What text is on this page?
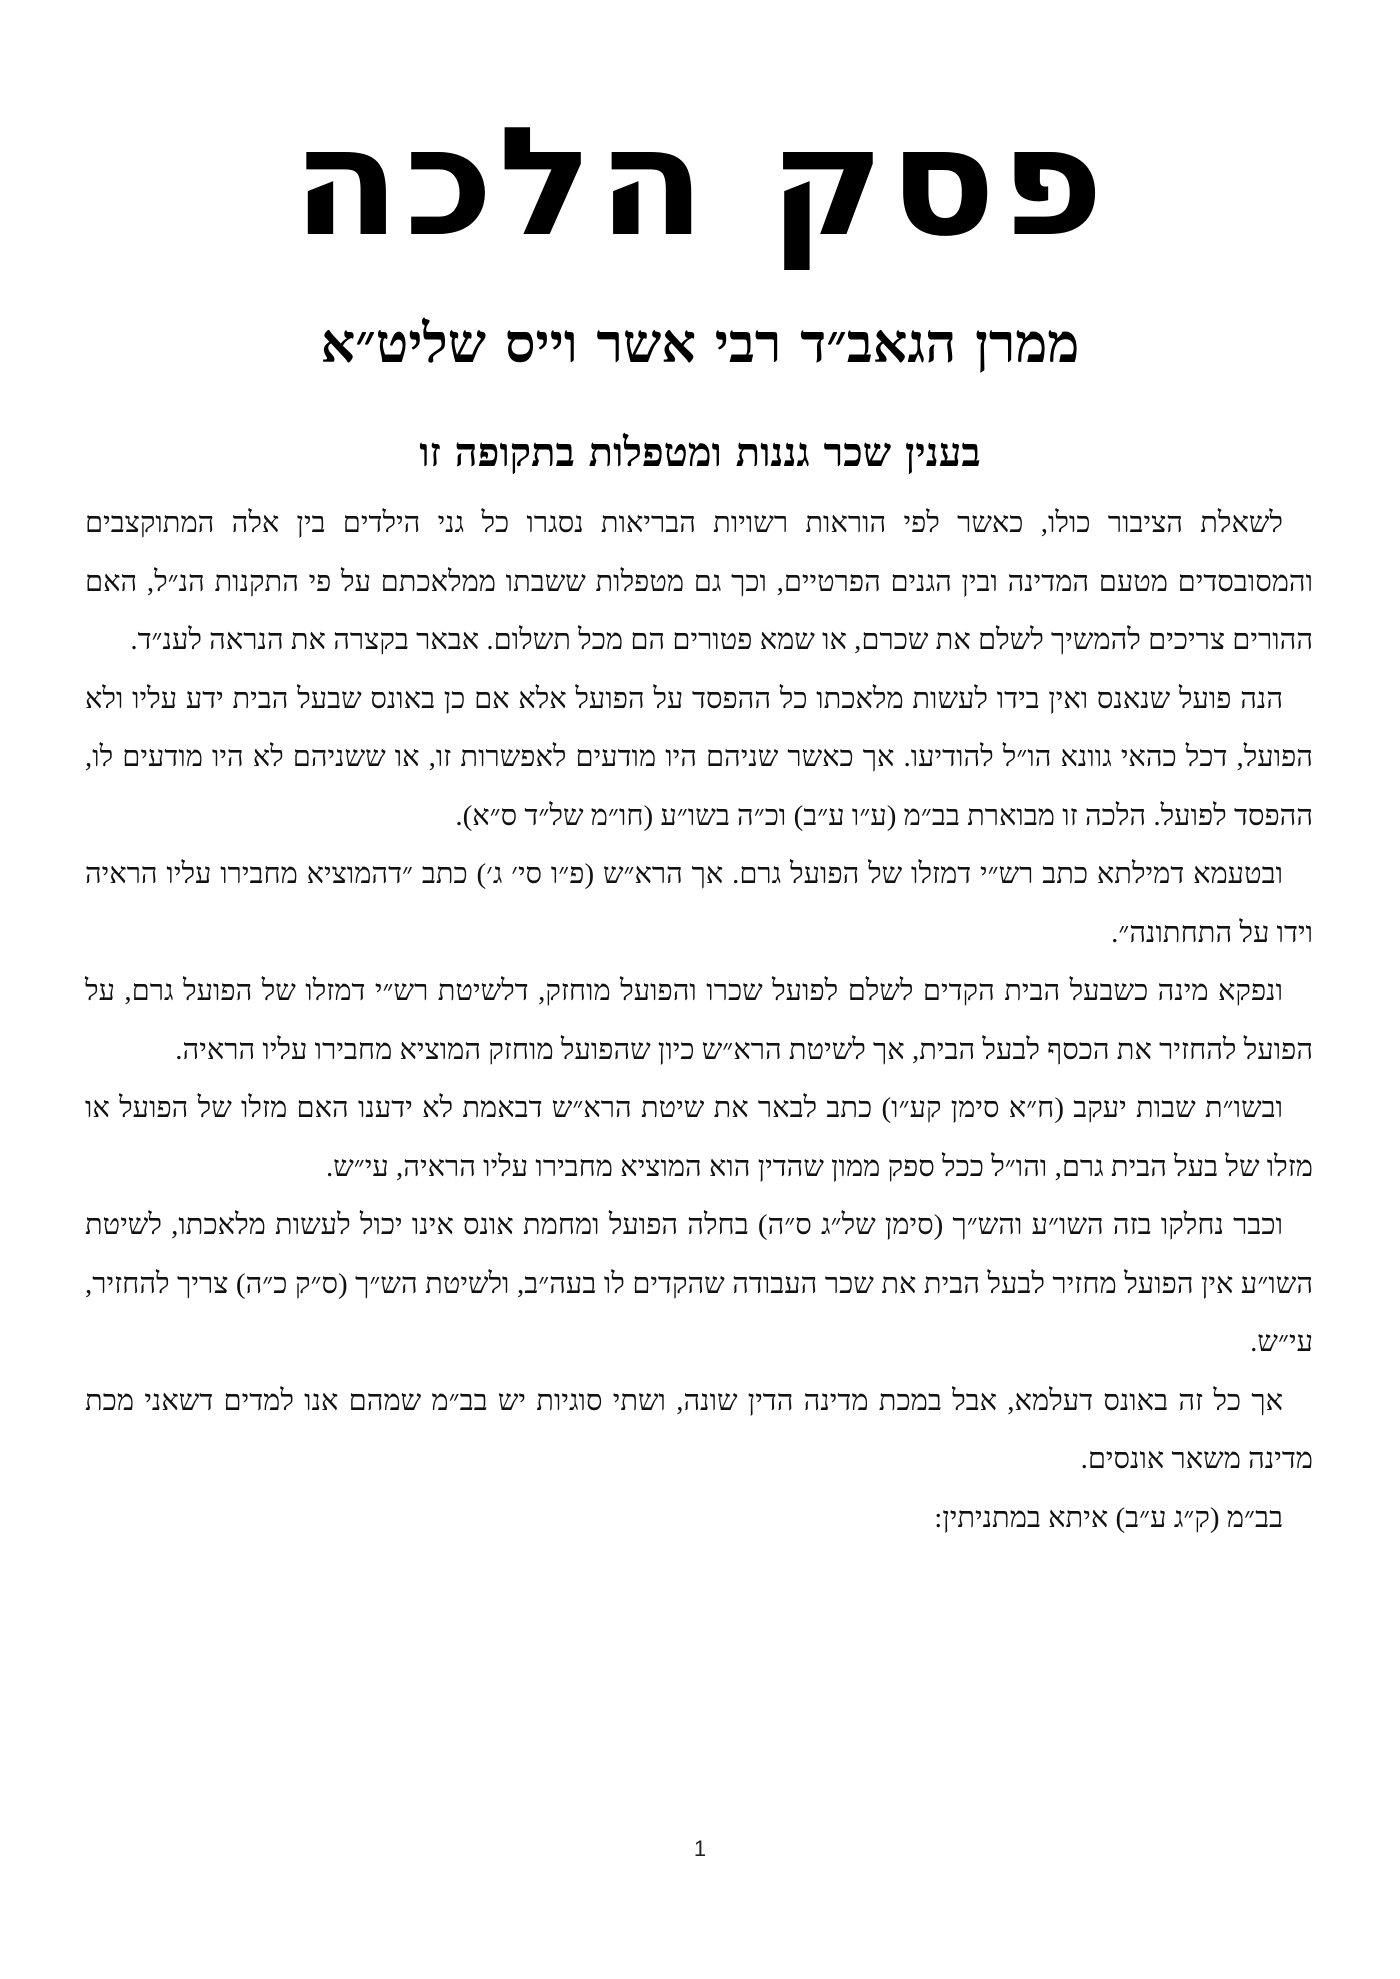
פסק הלכה
ממרן הגאב״ד רבי אשר וייס שליט״א
בענין שכר גננות ומטפלות בתקופה זו

לשאלת הציבור כולו, כאשר לפי הוראות רשויות הבריאות נסגרו כל גני הילדים בין אלה המתוקצבים והמסובסדים מטעם המדינה ובין הגנים הפרטיים, וכך גם מטפלות ששבתו ממלאכתם על פי התקנות הנ״ל, האם ההורים צריכים להמשיך לשלם את שכרם, או שמא פטורים הם מכל תשלום. אבאר בקצרה את הנראה לענ״ד.

הנה פועל שנאנס ואין בידו לעשות מלאכתו כל ההפסד על הפועל אלא אם כן באונס שבעל הבית ידע עליו ולא הפועל, דכל כהאי גוונא הו״ל להודיעו. אך כאשר שניהם היו מודעים לאפשרות זו, או ששניהם לא היו מודעים לו, ההפסד לפועל. הלכה זו מבוארת בב״מ (ע״ו ע״ב) וכ״ה בשו״ע (חו״מ של״ד ס״א).

ובטעמא דמילתא כתב רש״י דמזלו של הפועל גרם. אך הרא״ש (פ״ו סי׳ ג׳) כתב ״דהמוציא מחבירו עליו הראיה וידו על התחתונה״.

ונפקא מינה כשבעל הבית הקדים לשלם לפועל שכרו והפועל מוחזק, דלשיטת רש״י דמזלו של הפועל גרם, על הפועל להחזיר את הכסף לבעל הבית, אך לשיטת הרא״ש כיון שהפועל מוחזק המוציא מחבירו עליו הראיה.

ובשו״ת שבות יעקב (ח״א סימן קע״ו) כתב לבאר את שיטת הרא״ש דבאמת לא ידענו האם מזלו של הפועל או מזלו של בעל הבית גרם, והו״ל ככל ספק ממון שהדין הוא המוציא מחבירו עליו הראיה, עי״ש.

וכבר נחלקו בזה השו״ע והש״ך (סימן של״ג ס״ה) בחלה הפועל ומחמת אונס אינו יכול לעשות מלאכתו, לשיטת השו״ע אין הפועל מחזיר לבעל הבית את שכר העבודה שהקדים לו בעה״ב, ולשיטת הש״ך (ס״ק כ״ה) צריך להחזיר, עי״ש.

אך כל זה באונס דעלמא, אבל במכת מדינה הדין שונה, ושתי סוגיות יש בב״מ שמהם אנו למדים דשאני מכת מדינה משאר אונסים.

בב״מ (ק״ג ע״ב) איתא במתניתין:

1
